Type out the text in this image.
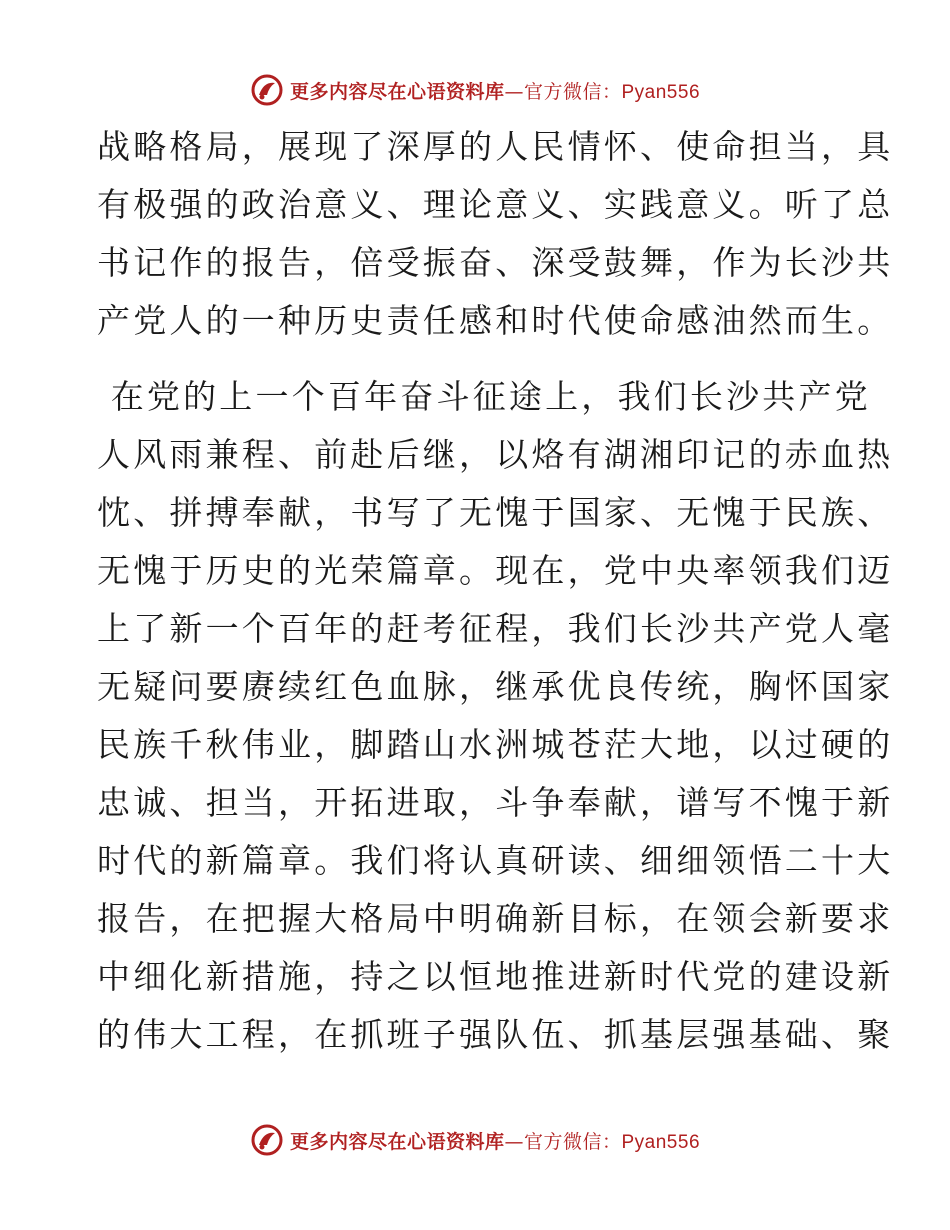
更多内容尽在心语资料库—官方微信：Pyan556

战略格局，展现了深厚的人民情怀、使命担当，具

有极强的政治意义、理论意义、实践意义。听了总

书记作的报告，倍受振奋、深受鼓舞，作为长沙共

产党人的一种历史责任感和时代使命感油然而生。

在党的上一个百年奋斗征途上，我们长沙共产党

人风雨兼程、前赴后继，以烙有湖湘印记的赤血热

忱、拼搏奉献，书写了无愧于国家、无愧于民族、

无愧于历史的光荣篇章。现在，党中央率领我们迈

上了新一个百年的赶考征程，我们长沙共产党人毫

无疑问要赓续红色血脉，继承优良传统，胸怀国家

民族千秋伟业，脚踏山水洲城苍茫大地，以过硬的

忠诚、担当，开拓进取，斗争奉献，谱写不愧于新

时代的新篇章。我们将认真研读、细细领悟二十大

报告，在把握大格局中明确新目标，在领会新要求

中细化新措施，持之以恒地推进新时代党的建设新

的伟大工程，在抓班子强队伍、抓基层强基础、聚

更多内容尽在心语资料库—官方微信：Pyan556
